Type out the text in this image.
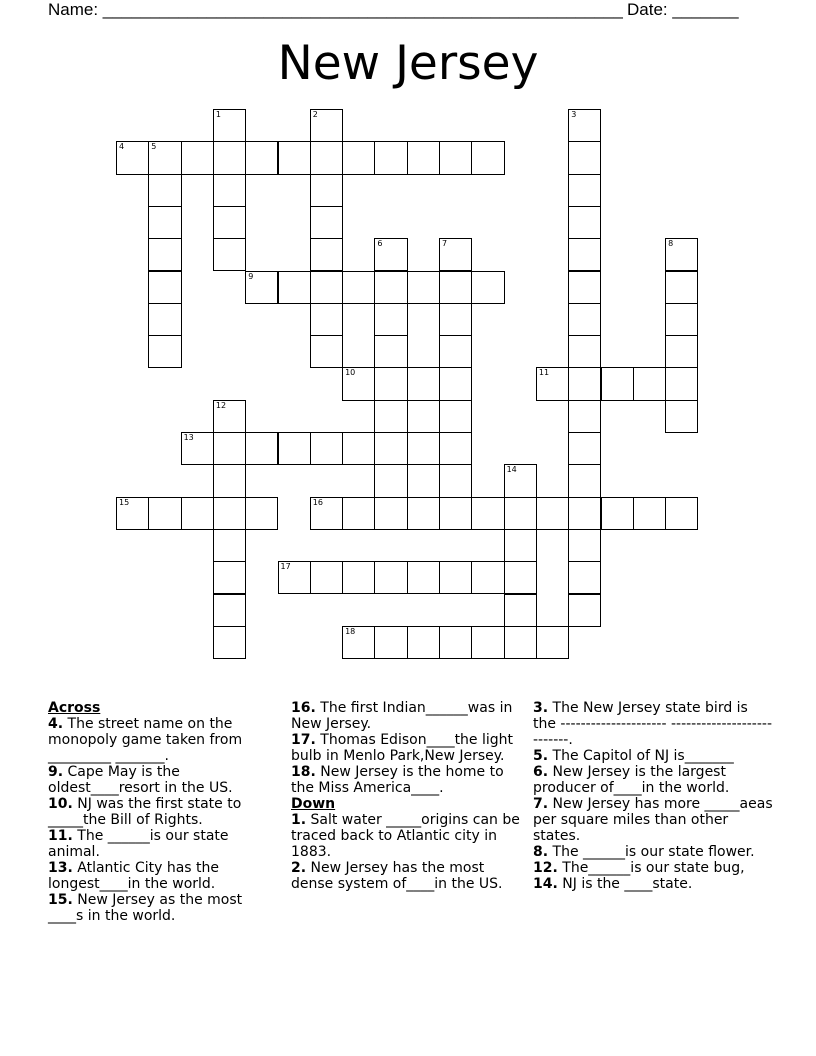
Name: _______________________________________________________ Date: _______
New Jersey
1	2	3
4	5
6	7	8
9
10	11
12
13
14
15	16
17
18

Across

4. The street name on the monopoly game taken from _________ _______.

9. Cape May is the oldest____resort in the US.

10. NJ was the first state to _____the Bill of Rights.

11. The ______is our state animal.

13. Atlantic City has the longest____in the world.

15. New Jersey as the most ____s in the world.

16. The first Indian______was in New Jersey.

17. Thomas Edison____the light bulb in Menlo Park,New Jersey.

18. New Jersey is the home to the Miss America____.

Down

1. Salt water _____origins can be traced back to Atlantic city in 1883.

2. New Jersey has the most dense system of____in the US.

3. The New Jersey state bird is the --------------------- ---------------------------.

5. The Capitol of NJ is_______

6. New Jersey is the largest producer of____in the world.

7. New Jersey has more _____aeas per square miles than other states.

8. The ______is our state flower.

12. The______is our state bug,

14. NJ is the ____state.
